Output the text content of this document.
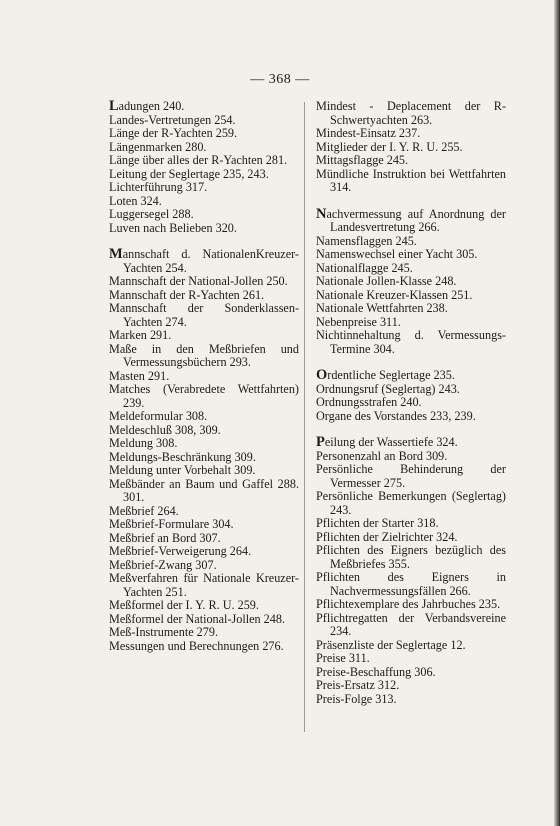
— 368 —
Ladungen 240.
Landes-Vertretungen 254.
Länge der R-Yachten 259.
Längenmarken 280.
Länge über alles der R-Yachten 281.
Leitung der Seglertage 235, 243.
Lichterführung 317.
Loten 324.
Luggersegel 288.
Luven nach Belieben 320.
Mannschaft d. NationalenKreuzer-Yachten 254.
Mannschaft der National-Jollen 250.
Mannschaft der R-Yachten 261.
Mannschaft der Sonderklassen-Yachten 274.
Marken 291.
Maße in den Meßbriefen und Vermessungsbüchern 293.
Masten 291.
Matches (Verabredete Wettfahrten) 239.
Meldeformular 308.
Meldeschluß 308, 309.
Meldung 308.
Meldungs-Beschränkung 309.
Meldung unter Vorbehalt 309.
Meßbänder an Baum und Gaffel 288. 301.
Meßbrief 264.
Meßbrief-Formulare 304.
Meßbrief an Bord 307.
Meßbrief-Verweigerung 264.
Meßbrief-Zwang 307.
Meßverfahren für Nationale Kreuzer-Yachten 251.
Meßformel der I. Y. R. U. 259.
Meßformel der National-Jollen 248.
Meß-Instrumente 279.
Messungen und Berechnungen 276.
Mindest - Deplacement der R-Schwertyachten 263.
Mindest-Einsatz 237.
Mitglieder der I. Y. R. U. 255.
Mittagsflagge 245.
Mündliche Instruktion bei Wettfahrten 314.
Nachvermessung auf Anordnung der Landesvertretung 266.
Namensflaggen 245.
Namenswechsel einer Yacht 305.
Nationalflagge 245.
Nationale Jollen-Klasse 248.
Nationale Kreuzer-Klassen 251.
Nationale Wettfahrten 238.
Nebenpreise 311.
Nichtinnehaltung d. Vermessungs-Termine 304.
Ordentliche Seglertage 235.
Ordnungsruf (Seglertag) 243.
Ordnungsstrafen 240.
Organe des Vorstandes 233, 239.
Peilung der Wassertiefe 324.
Personenzahl an Bord 309.
Persönliche Behinderung der Vermesser 275.
Persönliche Bemerkungen (Seglertag) 243.
Pflichten der Starter 318.
Pflichten der Zielrichter 324.
Pflichten des Eigners bezüglich des Meßbriefes 355.
Pflichten des Eigners in Nachvermessungsfällen 266.
Pflichtexemplare des Jahrbuches 235.
Pflichtregatten der Verbandsvereine 234.
Präsenzliste der Seglertage 12.
Preise 311.
Preise-Beschaffung 306.
Preis-Ersatz 312.
Preis-Folge 313.
